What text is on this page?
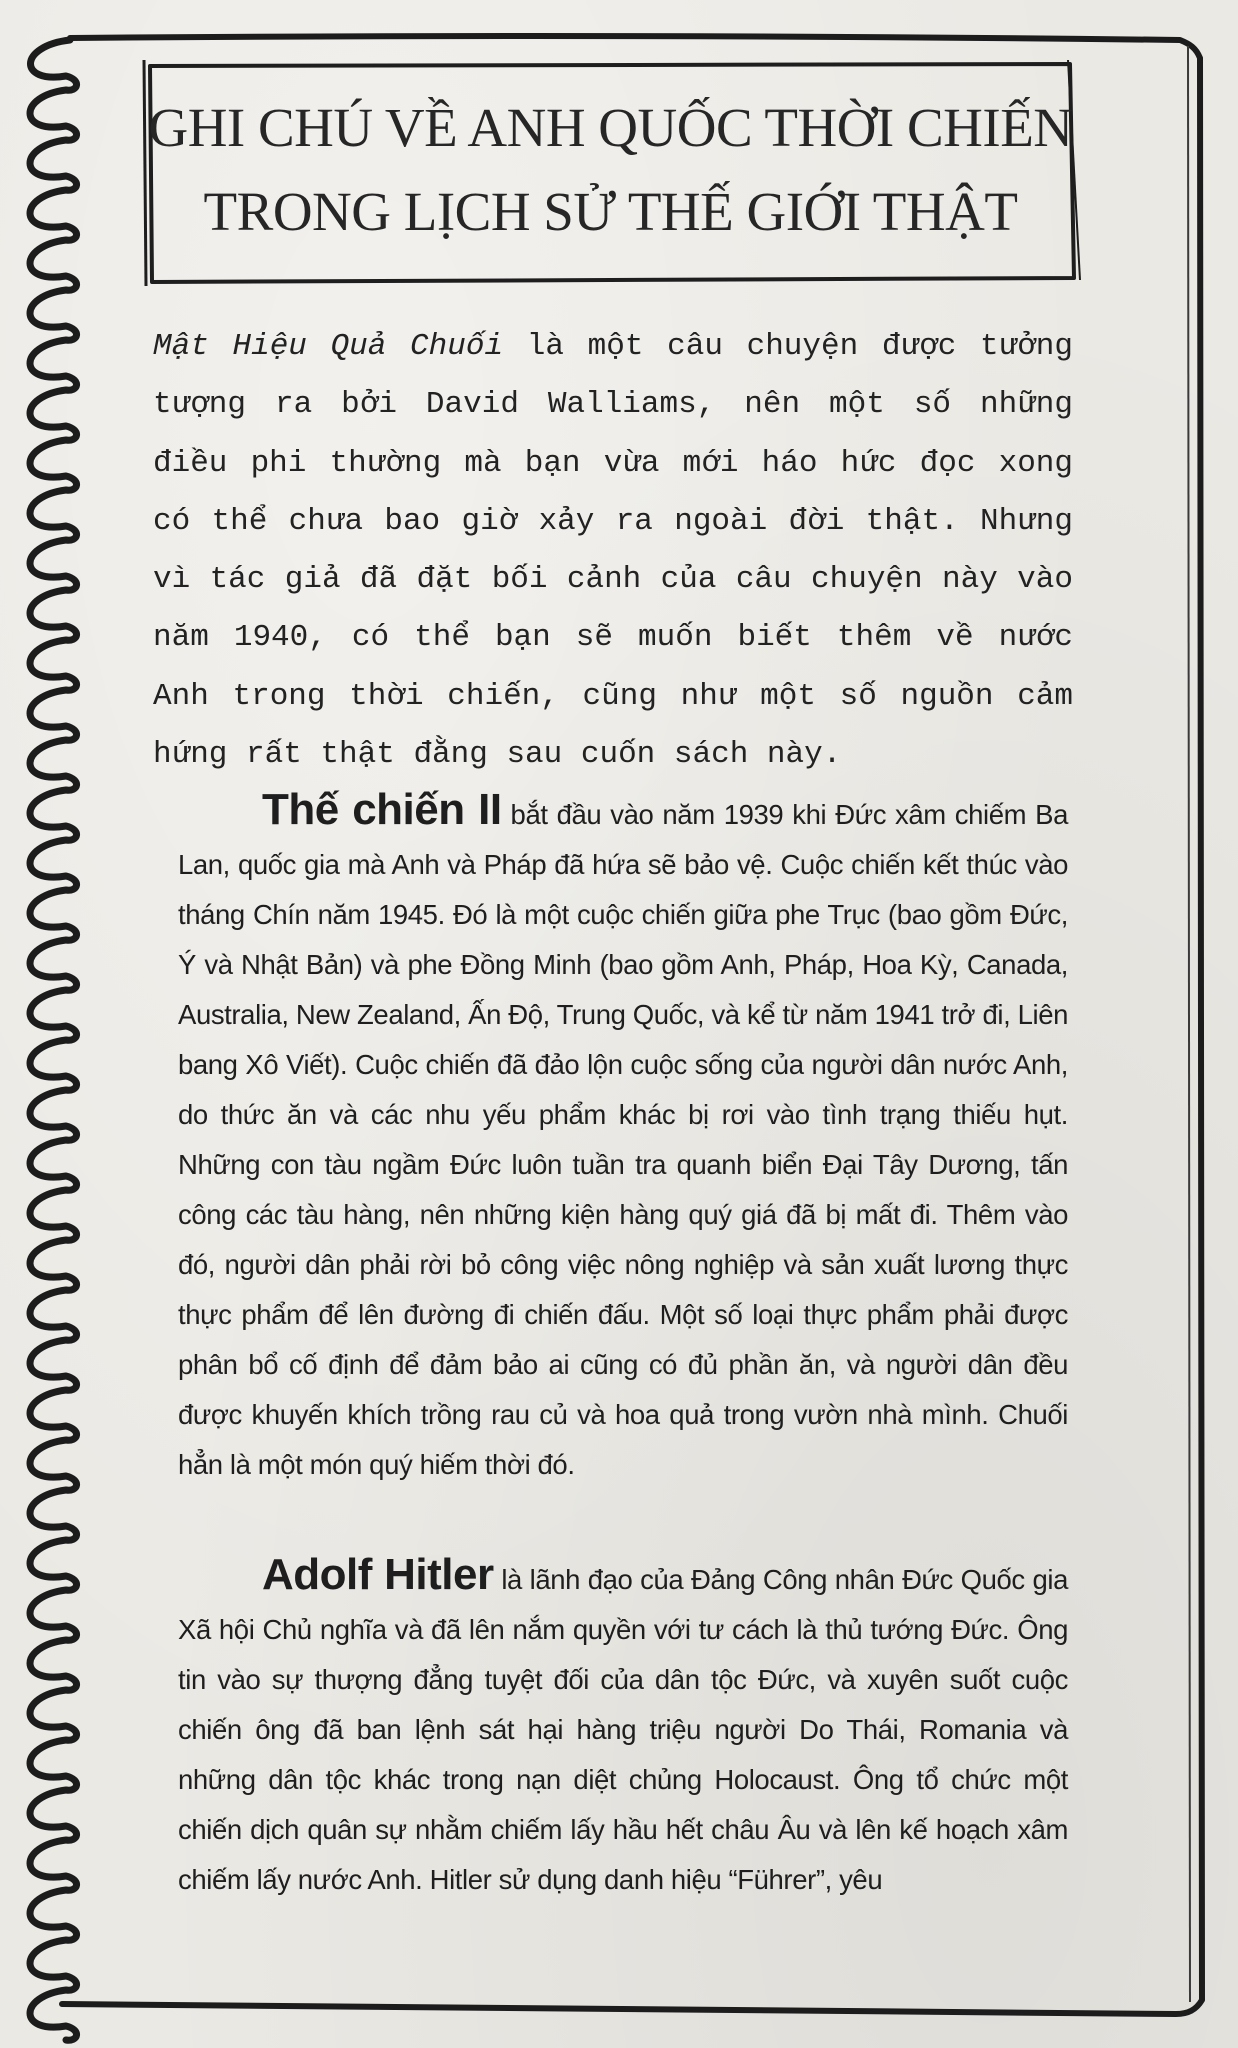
GHI CHÚ VỀ ANH QUỐC THỜI CHIẾN
TRONG LỊCH SỬ THẾ GIỚI THẬT
Mật Hiệu Quả Chuối là một câu chuyện được tưởng tượng ra bởi David Walliams, nên một số những điều phi thường mà bạn vừa mới háo hức đọc xong có thể chưa bao giờ xảy ra ngoài đời thật. Nhưng vì tác giả đã đặt bối cảnh của câu chuyện này vào năm 1940, có thể bạn sẽ muốn biết thêm về nước Anh trong thời chiến, cũng như một số nguồn cảm hứng rất thật đằng sau cuốn sách này.
Thế chiến II bắt đầu vào năm 1939 khi Đức xâm chiếm Ba Lan, quốc gia mà Anh và Pháp đã hứa sẽ bảo vệ. Cuộc chiến kết thúc vào tháng Chín năm 1945. Đó là một cuộc chiến giữa phe Trục (bao gồm Đức, Ý và Nhật Bản) và phe Đồng Minh (bao gồm Anh, Pháp, Hoa Kỳ, Canada, Australia, New Zealand, Ấn Độ, Trung Quốc, và kể từ năm 1941 trở đi, Liên bang Xô Viết). Cuộc chiến đã đảo lộn cuộc sống của người dân nước Anh, do thức ăn và các nhu yếu phẩm khác bị rơi vào tình trạng thiếu hụt. Những con tàu ngầm Đức luôn tuần tra quanh biển Đại Tây Dương, tấn công các tàu hàng, nên những kiện hàng quý giá đã bị mất đi. Thêm vào đó, người dân phải rời bỏ công việc nông nghiệp và sản xuất lương thực thực phẩm để lên đường đi chiến đấu. Một số loại thực phẩm phải được phân bổ cố định để đảm bảo ai cũng có đủ phần ăn, và người dân đều được khuyến khích trồng rau củ và hoa quả trong vườn nhà mình. Chuối hẳn là một món quý hiếm thời đó.
Adolf Hitler là lãnh đạo của Đảng Công nhân Đức Quốc gia Xã hội Chủ nghĩa và đã lên nắm quyền với tư cách là thủ tướng Đức. Ông tin vào sự thượng đẳng tuyệt đối của dân tộc Đức, và xuyên suốt cuộc chiến ông đã ban lệnh sát hại hàng triệu người Do Thái, Romania và những dân tộc khác trong nạn diệt chủng Holocaust. Ông tổ chức một chiến dịch quân sự nhằm chiếm lấy hầu hết châu Âu và lên kế hoạch xâm chiếm lấy nước Anh. Hitler sử dụng danh hiệu “Führer”, yêu
